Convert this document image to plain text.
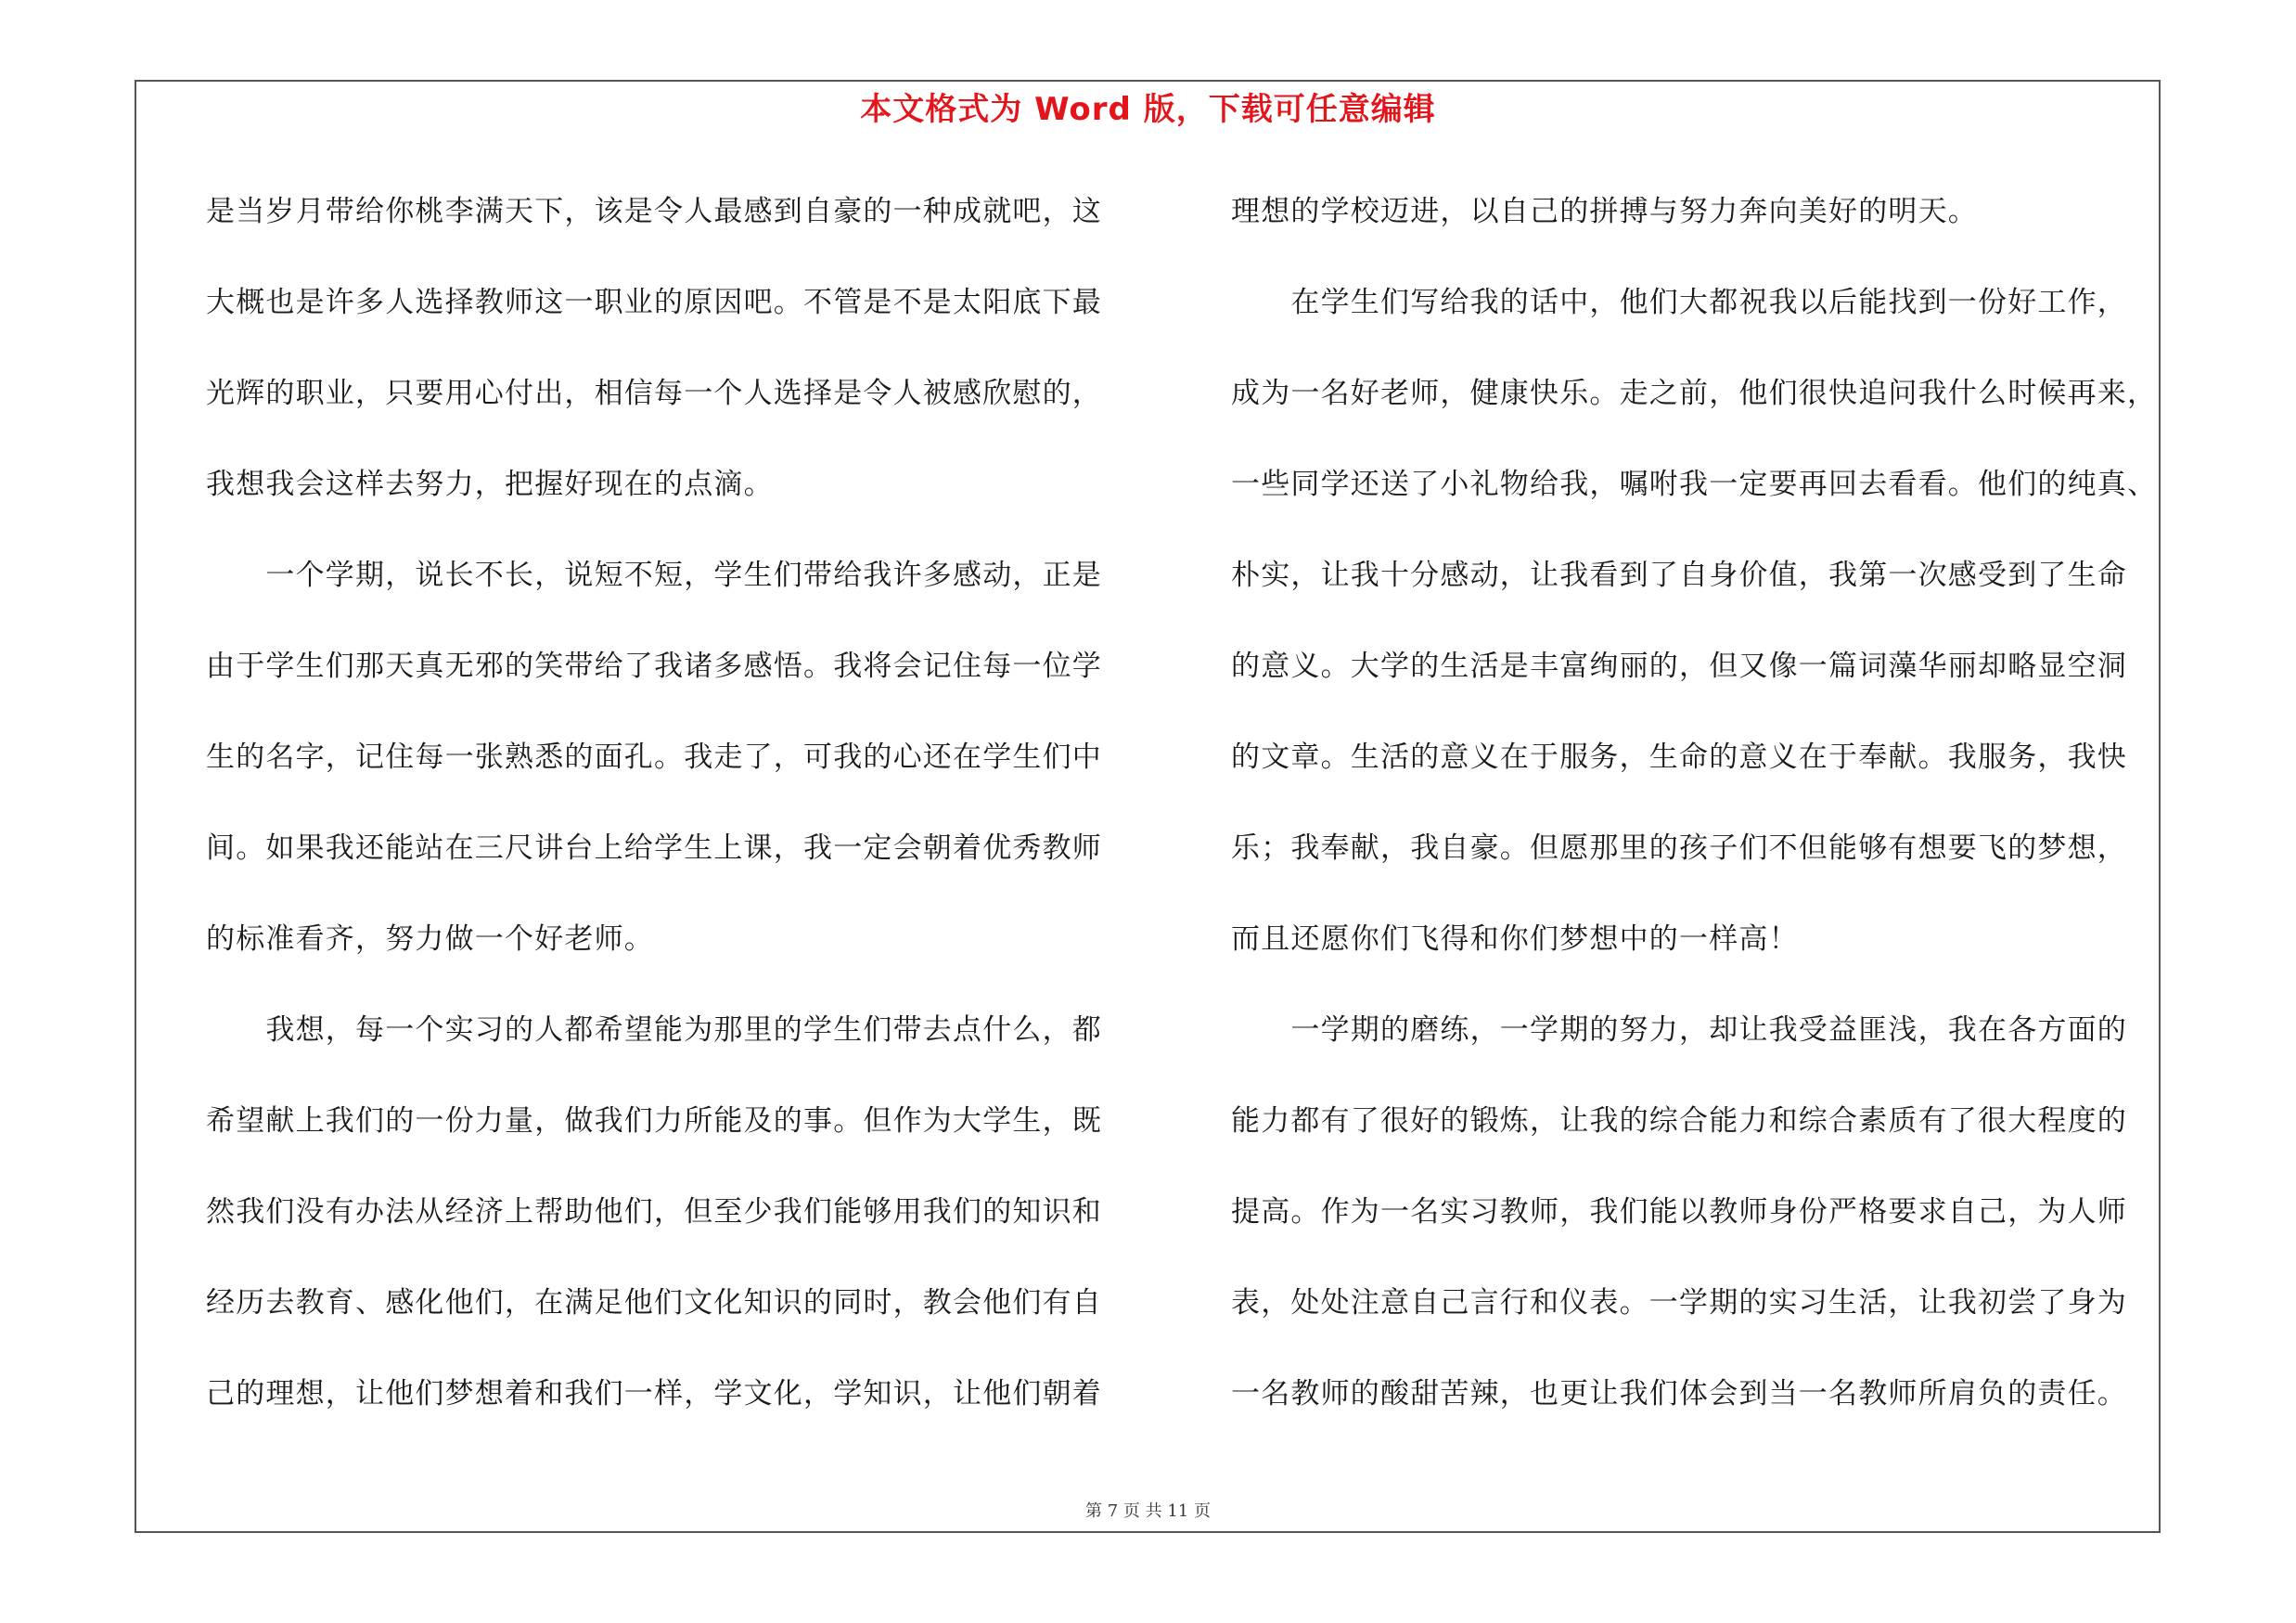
本文格式为 Word 版，下载可任意编辑
是当岁月带给你桃李满天下，该是令人最感到自豪的一种成就吧，这
大概也是许多人选择教师这一职业的原因吧。不管是不是太阳底下最
光辉的职业，只要用心付出，相信每一个人选择是令人被感欣慰的，
我想我会这样去努力，把握好现在的点滴。
　　一个学期，说长不长，说短不短，学生们带给我许多感动，正是
由于学生们那天真无邪的笑带给了我诸多感悟。我将会记住每一位学
生的名字，记住每一张熟悉的面孔。我走了，可我的心还在学生们中
间。如果我还能站在三尺讲台上给学生上课，我一定会朝着优秀教师
的标准看齐，努力做一个好老师。
　　我想，每一个实习的人都希望能为那里的学生们带去点什么，都
希望献上我们的一份力量，做我们力所能及的事。但作为大学生，既
然我们没有办法从经济上帮助他们，但至少我们能够用我们的知识和
经历去教育、感化他们，在满足他们文化知识的同时，教会他们有自
己的理想，让他们梦想着和我们一样，学文化，学知识，让他们朝着
理想的学校迈进，以自己的拼搏与努力奔向美好的明天。
　　在学生们写给我的话中，他们大都祝我以后能找到一份好工作，
成为一名好老师，健康快乐。走之前，他们很快追问我什么时候再来，
一些同学还送了小礼物给我，嘱咐我一定要再回去看看。他们的纯真、
朴实，让我十分感动，让我看到了自身价值，我第一次感受到了生命
的意义。大学的生活是丰富绚丽的，但又像一篇词藻华丽却略显空洞
的文章。生活的意义在于服务，生命的意义在于奉献。我服务，我快
乐；我奉献，我自豪。但愿那里的孩子们不但能够有想要飞的梦想，
而且还愿你们飞得和你们梦想中的一样高！
　　一学期的磨练，一学期的努力，却让我受益匪浅，我在各方面的
能力都有了很好的锻炼，让我的综合能力和综合素质有了很大程度的
提高。作为一名实习教师，我们能以教师身份严格要求自己，为人师
表，处处注意自己言行和仪表。一学期的实习生活，让我初尝了身为
一名教师的酸甜苦辣，也更让我们体会到当一名教师所肩负的责任。
第 7 页 共 11 页
